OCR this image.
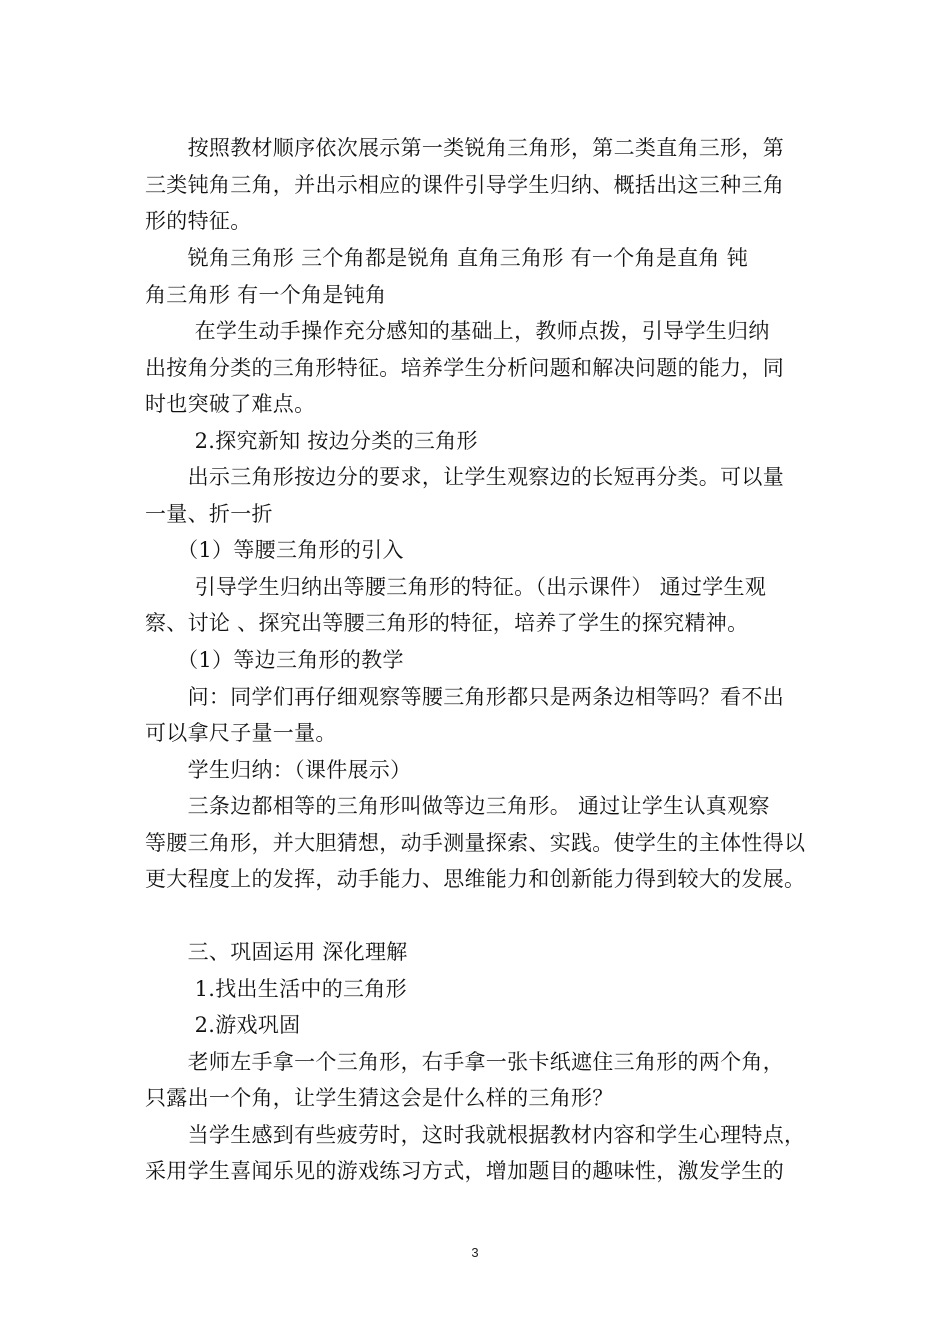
　　按照教材顺序依次展示第一类锐角三角形，第二类直角三形，第
三类钝角三角，并出示相应的课件引导学生归纳、概括出这三种三角
形的特征。
　　锐角三角形 三个角都是锐角 直角三角形 有一个角是直角 钝
角三角形 有一个角是钝角
　　 在学生动手操作充分感知的基础上，教师点拨，引导学生归纳
出按角分类的三角形特征。培养学生分析问题和解决问题的能力，同
时也突破了难点。
　　 2.探究新知 按边分类的三角形
　　出示三角形按边分的要求，让学生观察边的长短再分类。可以量
一量、折一折
　　（1）等腰三角形的引入
　　 引导学生归纳出等腰三角形的特征。（出示课件） 通过学生观
察、讨论 、探究出等腰三角形的特征，培养了学生的探究精神。
　　（1）等边三角形的教学
　　问：同学们再仔细观察等腰三角形都只是两条边相等吗？看不出
可以拿尺子量一量。
　　学生归纳：（课件展示）
　　三条边都相等的三角形叫做等边三角形。 通过让学生认真观察
等腰三角形，并大胆猜想，动手测量探索、实践。使学生的主体性得以
更大程度上的发挥，动手能力、思维能力和创新能力得到较大的发展。
　　三、巩固运用 深化理解
　　 1.找出生活中的三角形
　　 2.游戏巩固
　　老师左手拿一个三角形，右手拿一张卡纸遮住三角形的两个角，
只露出一个角，让学生猜这会是什么样的三角形？
　　当学生感到有些疲劳时，这时我就根据教材内容和学生心理特点，
采用学生喜闻乐见的游戏练习方式，增加题目的趣味性，激发学生的
3
